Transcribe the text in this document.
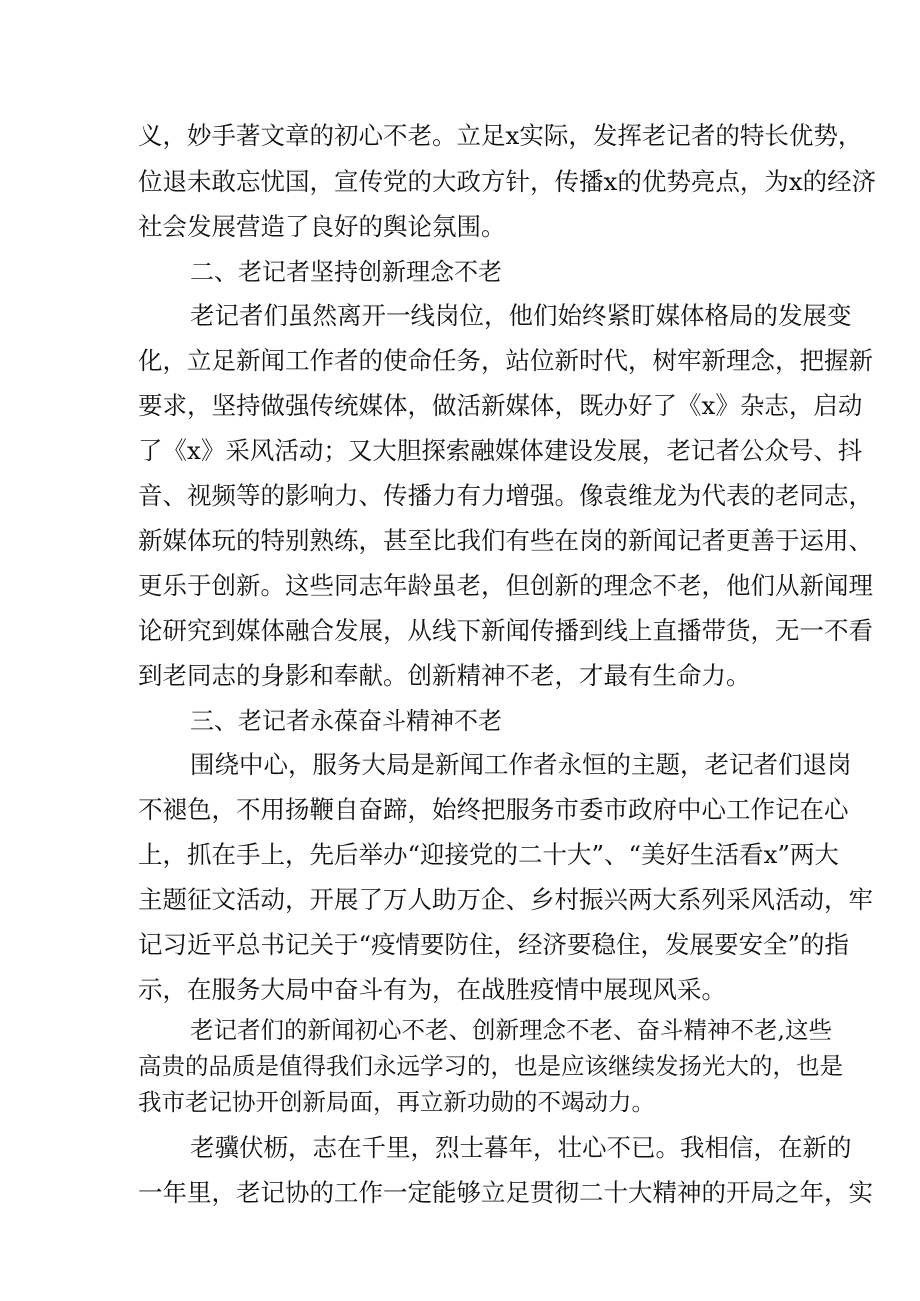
义，妙手著文章的初心不老。立足x实际，发挥老记者的特长优势，
位退未敢忘忧国，宣传党的大政方针，传播x的优势亮点，为x的经济
社会发展营造了良好的舆论氛围。
二、老记者坚持创新理念不老
老记者们虽然离开一线岗位，他们始终紧盯媒体格局的发展变
化，立足新闻工作者的使命任务，站位新时代，树牢新理念，把握新
要求，坚持做强传统媒体，做活新媒体，既办好了《x》杂志，启动
了《x》采风活动；又大胆探索融媒体建设发展，老记者公众号、抖
音、视频等的影响力、传播力有力增强。像袁维龙为代表的老同志，
新媒体玩的特别熟练，甚至比我们有些在岗的新闻记者更善于运用、
更乐于创新。这些同志年龄虽老，但创新的理念不老，他们从新闻理
论研究到媒体融合发展，从线下新闻传播到线上直播带货，无一不看
到老同志的身影和奉献。创新精神不老，才最有生命力。
三、老记者永葆奋斗精神不老
围绕中心，服务大局是新闻工作者永恒的主题，老记者们退岗
不褪色，不用扬鞭自奋蹄，始终把服务市委市政府中心工作记在心
上，抓在手上，先后举办“迎接党的二十大”、“美好生活看x”两大
主题征文活动，开展了万人助万企、乡村振兴两大系列采风活动，牢
记习近平总书记关于“疫情要防住，经济要稳住，发展要安全”的指
示，在服务大局中奋斗有为，在战胜疫情中展现风采。
老记者们的新闻初心不老、创新理念不老、奋斗精神不老,这些
高贵的品质是值得我们永远学习的，也是应该继续发扬光大的，也是
我市老记协开创新局面，再立新功勋的不竭动力。
老骥伏枥，志在千里，烈士暮年，壮心不已。我相信，在新的
一年里，老记协的工作一定能够立足贯彻二十大精神的开局之年，实
